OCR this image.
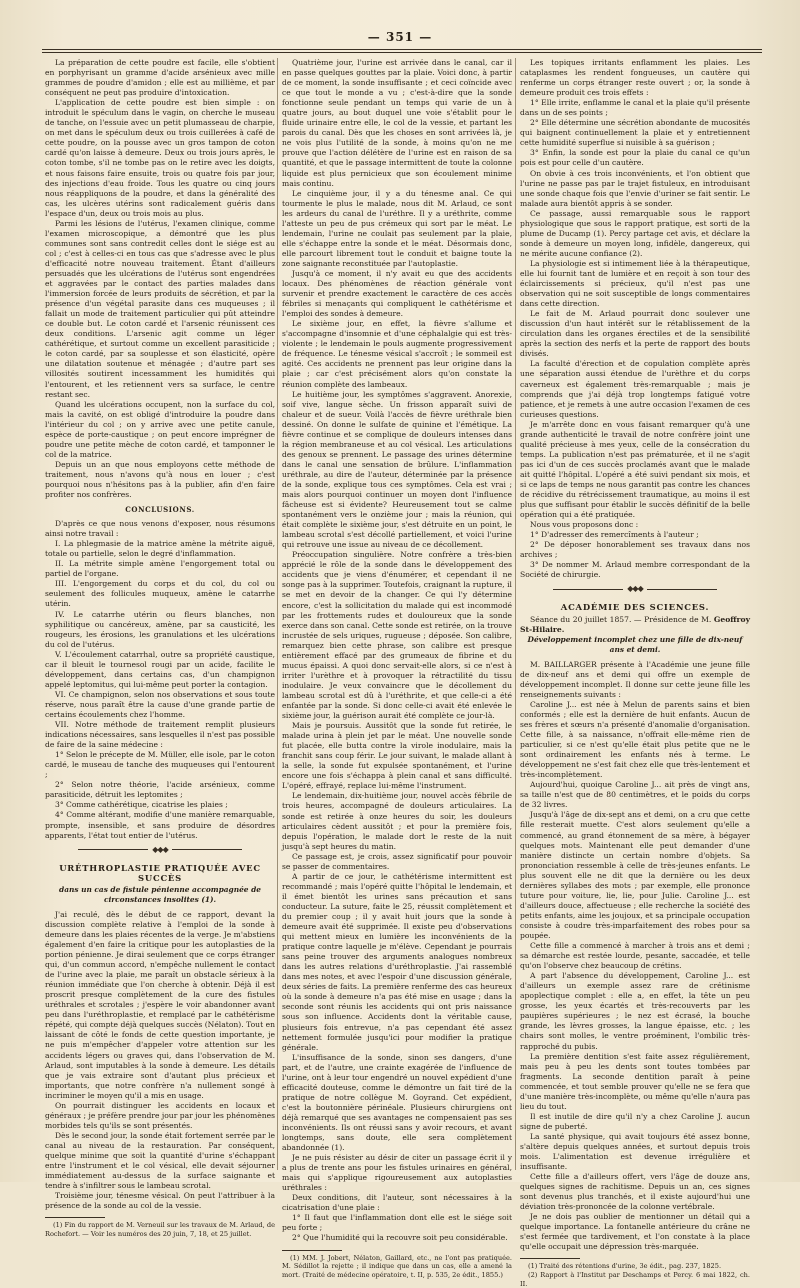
— 351 —

La préparation de cette poudre est facile, elle s'obtient en porphyrisant un gramme d'acide arsénieux avec mille grammes de poudre d'amidon ; elle est au millième, et par conséquent ne peut pas produire d'intoxication.

L'application de cette poudre est bien simple : on introduit le spéculum dans le vagin, on cherche le museau de tanche, on l'essuie avec un petit plumasseau de charpie, on met dans le spéculum deux ou trois cuillerées à café de cette poudre, on la pousse avec un gros tampon de coton cardé qu'on laisse à demeure. Deux ou trois jours après, le coton tombe, s'il ne tombe pas on le retire avec les doigts, et nous faisons faire ensuite, trois ou quatre fois par jour, des injections d'eau froide. Tous les quatre ou cinq jours nous réappliquons de la poudre, et dans la généralité des cas, les ulcères utérins sont radicalement guéris dans l'espace d'un, deux ou trois mois au plus.

Parmi les lésions de l'utérus, l'examen clinique, comme l'examen microscopique, a démontré que les plus communes sont sans contredit celles dont le siége est au col ; c'est à celles-ci en tous cas que s'adresse avec le plus d'efficacité notre nouveau traitement. Étant d'ailleurs persuadés que les ulcérations de l'utérus sont engendrées et aggravées par le contact des parties malades dans l'immersion forcée de leurs produits de sécrétion, et par la présence d'un végétal parasite dans ces muqueuses ; il fallait un mode de traitement particulier qui pût atteindre ce double but. Le coton cardé et l'arsenic réunissent ces deux conditions. L'arsenic agit comme un léger cathérétique, et surtout comme un excellent parasiticide ; le coton cardé, par sa souplesse et son élasticité, opère une dilatation soutenue et ménagée ; d'autre part ses villosités soutirent incessamment les humidités qui l'entourent, et les retiennent vers sa surface, le centre restant sec.

Quand les ulcérations occupent, non la surface du col, mais la cavité, on est obligé d'introduire la poudre dans l'intérieur du col ; on y arrive avec une petite canule, espèce de porte-caustique ; on peut encore imprégner de poudre une petite mèche de coton cardé, et tamponner le col de la matrice.

Depuis un an que nous employons cette méthode de traitement, nous n'avons qu'à nous en louer ; c'est pourquoi nous n'hésitons pas à la publier, afin d'en faire profiter nos confrères.

CONCLUSIONS.

D'après ce que nous venons d'exposer, nous résumons ainsi notre travail :

I. La phlegmasie de la matrice amène la métrite aiguë, totale ou partielle, selon le degré d'inflammation.

II. La métrite simple amène l'engorgement total ou partiel de l'organe.

III. L'engorgement du corps et du col, du col ou seulement des follicules muqueux, amène le catarrhe utérin.

IV. Le catarrhe utérin ou fleurs blanches, non syphilitique ou cancéreux, amène, par sa causticité, les rougeurs, les érosions, les granulations et les ulcérations du col de l'utérus.

V. L'écoulement catarrhal, outre sa propriété caustique, car il bleuit le tournesol rougi par un acide, facilite le développement, dans certains cas, d'un champignon appelé leptomitus, qui lui-même peut porter la contagion.

VI. Ce champignon, selon nos observations et sous toute réserve, nous paraît être la cause d'une grande partie de certains écoulements chez l'homme.

VII. Notre méthode de traitement remplit plusieurs indications nécessaires, sans lesquelles il n'est pas possible de faire de la saine médecine :

1° Selon le précepte de M. Müller, elle isole, par le coton cardé, le museau de tanche des muqueuses qui l'entourent ;

2° Selon notre théorie, l'acide arsénieux, comme parasiticide, détruit les leptomites ;

3° Comme cathérétique, cicatrise les plaies ;

4° Comme altérant, modifie d'une manière remarquable, prompte, insensible, et sans produire de désordres apparents, l'état tout entier de l'utérus.

◆◆◆
URÉTHROPLASTIE PRATIQUÉE AVEC SUCCÈS
dans un cas de fistule pénienne accompagnée de circonstances insolites (1).

J'ai reculé, dès le début de ce rapport, devant la discussion complète relative à l'emploi de la sonde à demeure dans les plaies récentes de la verge. Je m'abstiens également d'en faire la critique pour les autoplasties de la portion pénienne. Je dirai seulement que ce corps étranger qui, d'un commun accord, n'empêche nullement le contact de l'urine avec la plaie, me paraît un obstacle sérieux à la réunion immédiate que l'on cherche à obtenir. Déjà il est proscrit presque complètement de la cure des fistules uréthrales et scrotales ; j'espère le voir abandonner avant peu dans l'uréthroplastie, et remplacé par le cathétérisme répété, qui compte déjà quelques succès (Nélaton). Tout en laissant de côté le fonds de cette question importante, je ne puis m'empêcher d'appeler votre attention sur les accidents légers ou graves qui, dans l'observation de M. Arlaud, sont imputables à la sonde à demeure. Les détails que je vais extraire sont d'autant plus précieux et importants, que notre confrère n'a nullement songé à incriminer le moyen qu'il a mis en usage.

On pourrait distinguer les accidents en locaux et généraux ; je préfère prendre jour par jour les phénomènes morbides tels qu'ils se sont présentés.

Dès le second jour, la sonde était fortement serrée par le canal au niveau de la restauration. Par conséquent, quelque minime que soit la quantité d'urine s'échappant entre l'instrument et le col vésical, elle devait séjourner immédiatement au-dessus de la surface saignante et tendre à s'infiltrer sous le lambeau scrotal.

Troisième jour, ténesme vésical. On peut l'attribuer à la présence de la sonde au col de la vessie.

(1) Fin du rapport de M. Verneuil sur les travaux de M. Arlaud, de Rochefort. — Voir les numéros des 20 juin, 7, 18, et 25 juillet.

Quatrième jour, l'urine est arrivée dans le canal, car il en passe quelques gouttes par la plaie. Voici donc, à partir de ce moment, la sonde insuffisante ; et ceci coïncide avec ce que tout le monde a vu ; c'est-à-dire que la sonde fonctionne seule pendant un temps qui varie de un à quatre jours, au bout duquel une voie s'établit pour le fluide urinaire entre elle, le col de la vessie, et partant les parois du canal. Dès que les choses en sont arrivées là, je ne vois plus l'utilité de la sonde, à moins qu'on ne me prouve que l'action délétère de l'urine est en raison de sa quantité, et que le passage intermittent de toute la colonne liquide est plus pernicieux que son écoulement minime mais continu.

Le cinquième jour, il y a du ténesme anal. Ce qui tourmente le plus le malade, nous dit M. Arlaud, ce sont les ardeurs du canal de l'uréthre. Il y a uréthrite, comme l'atteste un peu de pus crémeux qui sort par le méat. Le lendemain, l'urine ne coulait pas seulement par la plaie, elle s'échappe entre la sonde et le méat. Désormais donc, elle parcourt librement tout le conduit et baigne toute la zone saignante reconstituée par l'autoplastie.

Jusqu'à ce moment, il n'y avait eu que des accidents locaux. Des phénomènes de réaction générale vont survenir et prendre exactement le caractère de ces accès fébriles si menaçants qui compliquent le cathétérisme et l'emploi des sondes à demeure.

Le sixième jour, en effet, la fièvre s'allume et s'accompagne d'insomnie et d'une céphalalgie qui est très-violente ; le lendemain le pouls augmente progressivement de fréquence. Le ténesme vésical s'accroît ; le sommeil est agité. Ces accidents ne prennent pas leur origine dans la plaie ; car c'est précisément alors qu'on constate la réunion complète des lambeaux.

Le huitième jour, les symptômes s'aggravent. Anorexie, soif vive, langue sèche. Un frisson apparaît suivi de chaleur et de sueur. Voilà l'accès de fièvre uréthrale bien dessiné. On donne le sulfate de quinine et l'émétique. La fièvre continue et se complique de douleurs intenses dans la région membraneuse et au col vésical. Les articulations des genoux se prennent. Le passage des urines détermine dans le canal une sensation de brûlure. L'inflammation uréthrale, au dire de l'auteur, déterminée par la présence de la sonde, explique tous ces symptômes. Cela est vrai ; mais alors pourquoi continuer un moyen dont l'influence fâcheuse est si évidente? Heureusement tout se calme spontanément vers le onzième jour ; mais la réunion, qui était complète le sixième jour, s'est détruite en un point, le lambeau scrotal s'est décollé partiellement, et voici l'urine qui retrouve une issue au niveau de ce décollement.

Préoccupation singulière. Notre confrère a très-bien apprécié le rôle de la sonde dans le développement des accidents que je viens d'énumérer, et cependant il ne songe pas à la supprimer. Toutefois, craignant la rupture, il se met en devoir de la changer. Ce qui l'y détermine encore, c'est la sollicitation du malade qui est incommodé par les frottements rudes et douloureux que la sonde exerce dans son canal. Cette sonde est retirée, on la trouve incrustée de sels uriques, rugueuse ; déposée. Son calibre, remarquez bien cette phrase, son calibre est presque entièrement effacé par des grumeaux de fibrine et du mucus épaissi. A quoi donc servait-elle alors, si ce n'est à irriter l'urèthre et à provoquer la rétractilité du tissu inodulaire. Je veux convaincre que le décollement du lambeau scrotal est dû à l'uréthrite, et que celle-ci a été enfantée par la sonde. Si donc celle-ci avait été enlevée le sixième jour, la guérison aurait été complète ce jour-là.

Mais je poursuis. Aussitôt que la sonde fut retirée, le malade urina à plein jet par le méat. Une nouvelle sonde fut placée, elle butta contre la virole inodulaire, mais la franchit sans coup férir. Le jour suivant, le malade allant à la selle, la sonde fut expulsée spontanément, et l'urine encore une fois s'échappa à plein canal et sans difficulté. L'opéré, effrayé, replace lui-même l'instrument.

Le lendemain, dix-huitième jour, nouvel accès fébrile de trois heures, accompagné de douleurs articulaires. La sonde est retirée à onze heures du soir, les douleurs articulaires cèdent aussitôt ; et pour la première fois, depuis l'opération, le malade dort le reste de la nuit jusqu'à sept heures du matin.

Ce passage est, je crois, assez significatif pour pouvoir se passer de commentaires.

A partir de ce jour, le cathétérisme intermittent est recommandé ; mais l'opéré quitte l'hôpital le lendemain, et il émet bientôt les urines sans précaution et sans conducteur. La suture, faite le 25, réussit complètement et du premier coup ; il y avait huit jours que la sonde à demeure avait été supprimée. Il existe peu d'observations qui mettent mieux en lumière les inconvénients de la pratique contre laquelle je m'élève. Cependant je pourrais sans peine trouver des arguments analogues nombreux dans les autres relations d'uréthroplastie. J'ai rassemblé dans mes notes, et avec l'espoir d'une discussion générale, deux séries de faits. La première renferme des cas heureux où la sonde à demeure n'a pas été mise en usage ; dans la seconde sont réunis les accidents qui ont pris naissance sous son influence. Accidents dont la véritable cause, plusieurs fois entrevue, n'a pas cependant été assez nettement formulée jusqu'ici pour modifier la pratique générale.

L'insuffisance de la sonde, sinon ses dangers, d'une part, et de l'autre, une crainte exagérée de l'influence de l'urine, ont à leur tour engendré un nouvel expédient d'une efficacité douteuse, comme le démontre un fait tiré de la pratique de notre collègue M. Goyrand. Cet expédient, c'est la boutonnière périnéale. Plusieurs chirurgiens ont déjà remarqué que ses avantages ne compensaient pas ses inconvénients. Ils ont réussi sans y avoir recours, et avant longtemps, sans doute, elle sera complètement abandonnée (1).

Je ne puis résister au désir de citer un passage écrit il y a plus de trente ans pour les fistules urinaires en général, mais qui s'applique rigoureusement aux autoplasties uréthrales :

Deux conditions, dit l'auteur, sont nécessaires à la cicatrisation d'une plaie :

1° Il faut que l'inflammation dont elle est le siége soit peu forte ;

2° Que l'humidité qui la recouvre soit peu considérable.

(1) MM. J. Jobert, Nélaton, Gaillard, etc., ne l'ont pas pratiquée. M. Sédillot la rejette ; il indique que dans un cas, elle a amené la mort. (Traité de médecine opératoire, t. II, p. 535, 2e édit., 1855.)

Les topiques irritants enflamment les plaies. Les cataplasmes les rendent fongueuses, un cautère qui renferme un corps étranger reste ouvert ; or, la sonde à demeure produit ces trois effets :

1° Elle irrite, enflamme le canal et la plaie qu'il présente dans un de ses points ;

2° Elle détermine une sécrétion abondante de mucosités qui baignent continuellement la plaie et y entretiennent cette humidité superflue si nuisible à sa guérison ;

3° Enfin, la sonde est pour la plaie du canal ce qu'un pois est pour celle d'un cautère.

On obvie à ces trois inconvénients, et l'on obtient que l'urine ne passe pas par le trajet fistuleux, en introduisant une sonde chaque fois que l'envie d'uriner se fait sentir. Le malade aura bientôt appris à se sonder.

Ce passage, aussi remarquable sous le rapport physiologique que sous le rapport pratique, est sorti de la plume de Ducamp (1). Percy partage cet avis, et déclare la sonde à demeure un moyen long, infidèle, dangereux, qui ne mérite aucune confiance (2).

La physiologie est si intimement liée à la thérapeutique, elle lui fournit tant de lumière et en reçoit à son tour des éclaircissements si précieux, qu'il n'est pas une observation qui ne soit susceptible de longs commentaires dans cette direction.

Le fait de M. Arlaud pourrait donc soulever une discussion d'un haut intérêt sur le rétablissement de la circulation dans les organes érectiles et de la sensibilité après la section des nerfs et la perte de rapport des bouts divisés.

La faculté d'érection et de copulation complète après une séparation aussi étendue de l'urèthre et du corps caverneux est également très-remarquable ; mais je comprends que j'ai déjà trop longtemps fatigué votre patience, et je remets à une autre occasion l'examen de ces curieuses questions.

Je m'arrête donc en vous faisant remarquer qu'à une grande authenticité le travail de notre confrère joint une qualité précieuse à mes yeux, celle de la consécration du temps. La publication n'est pas prématurée, et il ne s'agit pas ici d'un de ces succès proclamés avant que le malade ait quitté l'hôpital. L'opéré a été suivi pendant six mois, et si ce laps de temps ne nous garantit pas contre les chances de récidive du rétrécissement traumatique, au moins il est plus que suffisant pour établir le succès définitif de la belle opération qui a été pratiquée.

Nous vous proposons donc :

1° D'adresser des remercîments à l'auteur ;

2° De déposer honorablement ses travaux dans nos archives ;

3° De nommer M. Arlaud membre correspondant de la Société de chirurgie.

◆◆◆
ACADÉMIE DES SCIENCES.

Séance du 20 juillet 1857. — Présidence de M. Geoffroy St-Hilaire.

Développement incomplet chez une fille de dix-neuf ans et demi.

M. BAILLARGER présente à l'Académie une jeune fille de dix-neuf ans et demi qui offre un exemple de développement incomplet. Il donne sur cette jeune fille les renseignements suivants :

Caroline J... est née à Melun de parents sains et bien conformés ; elle est la dernière de huit enfants. Aucun de ses frères et sœurs n'a présenté d'anomalie d'organisation. Cette fille, à sa naissance, n'offrait elle-même rien de particulier, si ce n'est qu'elle était plus petite que ne le sont ordinairement les enfants nés à terme. Le développement ne s'est fait chez elle que très-lentement et très-incomplètement.

Aujourd'hui, quoique Caroline J... ait près de vingt ans, sa taille n'est que de 80 centimètres, et le poids du corps de 32 livres.

Jusqu'à l'âge de dix-sept ans et demi, on a cru que cette fille resterait muette. C'est alors seulement qu'elle a commencé, au grand étonnement de sa mère, à bégayer quelques mots. Maintenant elle peut demander d'une manière distincte un certain nombre d'objets. Sa prononciation ressemble à celle de très-jeunes enfants. Le plus souvent elle ne dit que la dernière ou les deux dernières syllabes des mots ; par exemple, elle prononce tuture pour voiture, lie, lie, pour Julie. Caroline J... est d'ailleurs douce, affectueuse ; elle recherche la société des petits enfants, aime les joujoux, et sa principale occupation consiste à coudre très-imparfaitement des robes pour sa poupée.

Cette fille a commencé à marcher à trois ans et demi ; sa démarche est restée lourde, pesante, saccadée, et telle qu'on l'observe chez beaucoup de crétins.

A part l'absence du développement, Caroline J... est d'ailleurs un exemple assez rare de crétinisme apoplectique complet : elle a, en effet, la tête un peu grosse, les yeux écartés et très-recouverts par les paupières supérieures ; le nez est écrasé, la bouche grande, les lèvres grosses, la langue épaisse, etc. ; les chairs sont molles, le ventre proéminent, l'ombilic très-rapproché du pubis.

La première dentition s'est faite assez régulièrement, mais peu à peu les dents sont toutes tombées par fragments. La seconde dentition paraît à peine commencée, et tout semble prouver qu'elle ne se fera que d'une manière très-incomplète, ou même qu'elle n'aura pas lieu du tout.

Il est inutile de dire qu'il n'y a chez Caroline J. aucun signe de puberté.

La santé physique, qui avait toujours été assez bonne, s'altère depuis quelques années, et surtout depuis trois mois. L'alimentation est devenue irrégulière et insuffisante.

Cette fille a d'ailleurs offert, vers l'âge de douze ans, quelques signes de rachitisme. Depuis un an, ces signes sont devenus plus tranchés, et il existe aujourd'hui une déviation très-prononcée de la colonne vertébrale.

Je ne dois pas oublier de mentionner un détail qui a quelque importance. La fontanelle antérieure du crâne ne s'est fermée que tardivement, et l'on constate à la place qu'elle occupait une dépression très-marquée.

(1) Traité des rétentions d'urine, 3e édit., pag. 237, 1825.

(2) Rapport à l'Institut par Deschamps et Percy. 6 mai 1822, ch. II.
